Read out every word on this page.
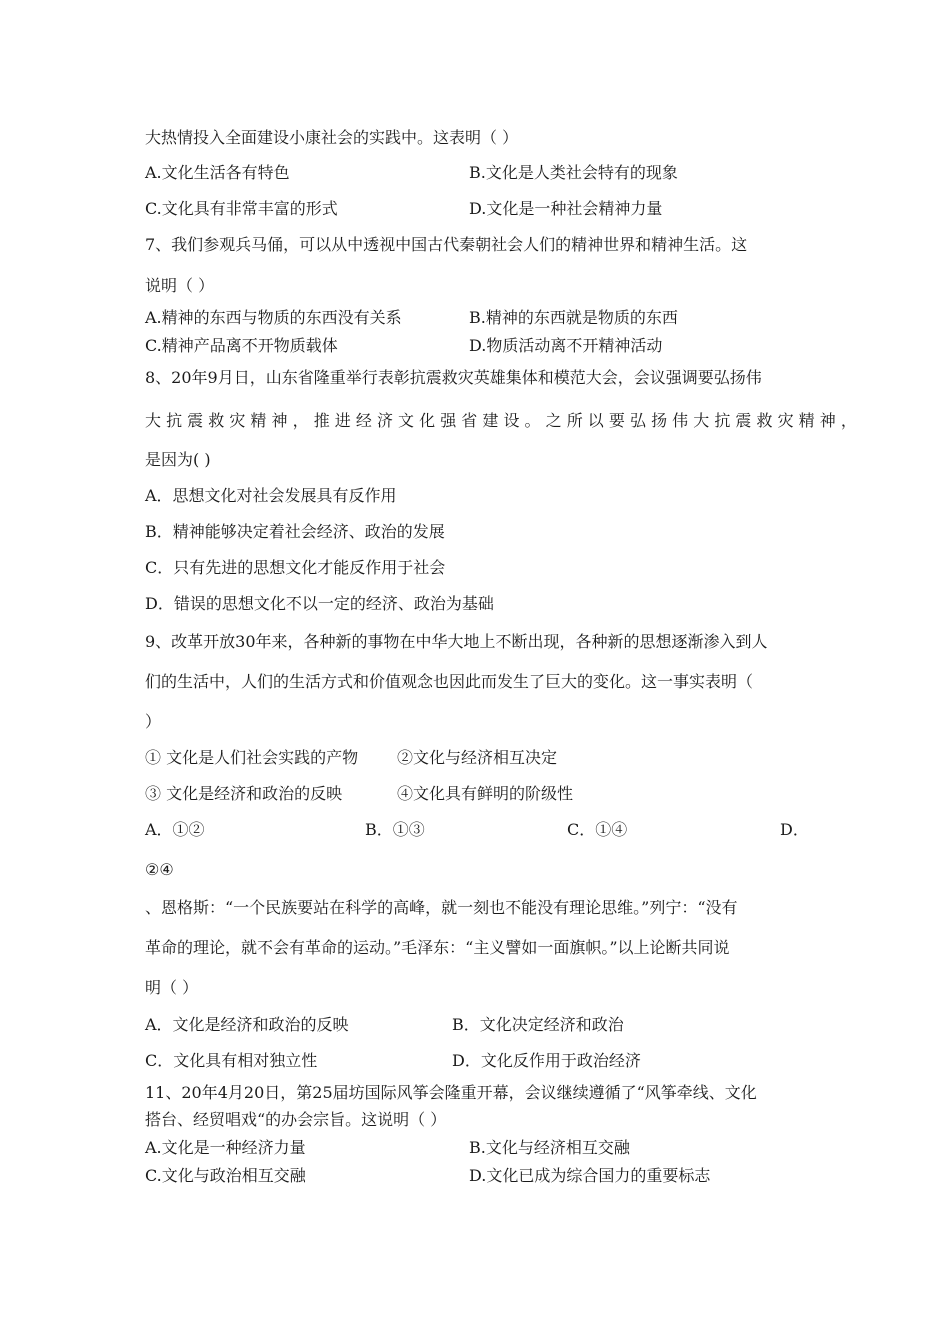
大热情投入全面建设小康社会的实践中。这表明（ ）
A.文化生活各有特色	B.文化是人类社会特有的现象
C.文化具有非常丰富的形式	D.文化是一种社会精神力量
7、我们参观兵马俑，可以从中透视中国古代秦朝社会人们的精神世界和精神生活。这
说明（ ）
A.精神的东西与物质的东西没有关系	B.精神的东西就是物质的东西
C.精神产品离不开物质载体	D.物质活动离不开精神活动
8、20年9月日，山东省隆重举行表彰抗震救灾英雄集体和模范大会，会议强调要弘扬伟
大 抗 震 救 灾 精 神 ， 推 进 经 济 文 化 强 省 建 设 。 之 所 以 要 弘 扬 伟 大 抗 震 救 灾 精 神 ，
是因为( )
A．思想文化对社会发展具有反作用
B．精神能够决定着社会经济、政治的发展
C．只有先进的思想文化才能反作用于社会
D．错误的思想文化不以一定的经济、政治为基础
9、改革开放30年来，各种新的事物在中华大地上不断出现，各种新的思想逐渐渗入到人
们的生活中，人们的生活方式和价值观念也因此而发生了巨大的变化。这一事实表明（
）
① 文化是人们社会实践的产物 ②文化与经济相互决定
③ 文化是经济和政治的反映	④文化具有鲜明的阶级性
A．①②	B．①③	C．①④	D．
②④
、恩格斯：“一个民族要站在科学的高峰，就一刻也不能没有理论思维。”列宁：“没有
革命的理论，就不会有革命的运动。”毛泽东：“主义譬如一面旗帜。”以上论断共同说
明（ ）
A．文化是经济和政治的反映	B．文化决定经济和政治
C．文化具有相对独立性	D．文化反作用于政治经济
11、20年4月20日，第25届坊国际风筝会隆重开幕，会议继续遵循了“风筝牵线、文化
搭台、经贸唱戏“的办会宗旨。这说明（ ）
A.文化是一种经济力量	B.文化与经济相互交融
C.文化与政治相互交融	D.文化已成为综合国力的重要标志
